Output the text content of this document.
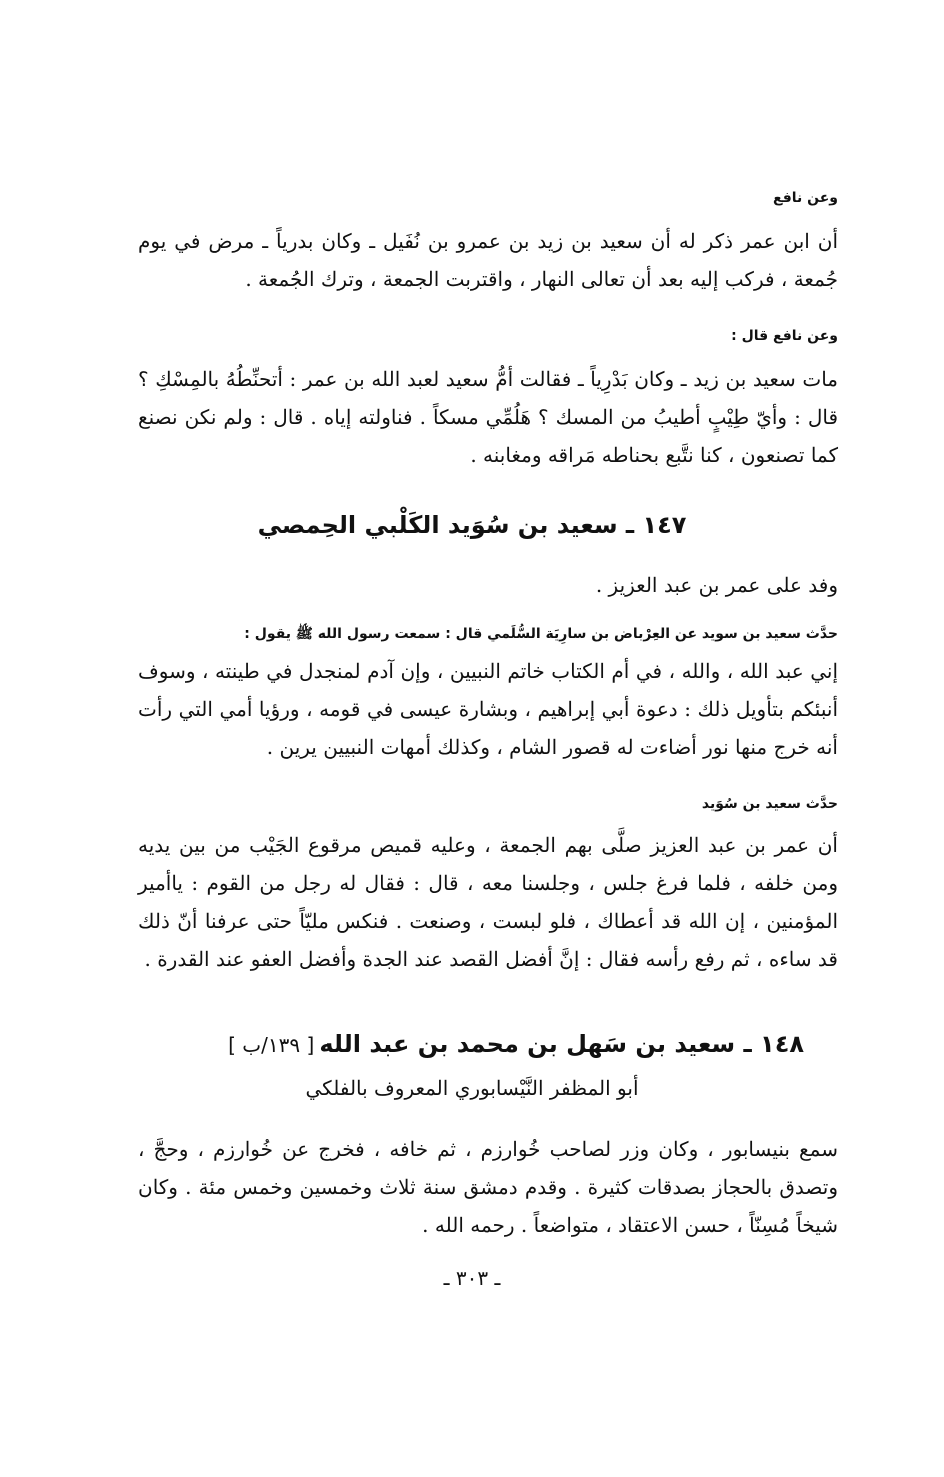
وعن نافع
أن ابن عمر ذكر له أن سعيد بن زيد بن عمرو بن نُفَيل ـ وكان بدرياً ـ مرض في يوم جُمعة ، فركب إليه بعد أن تعالى النهار ، واقتربت الجمعة ، وترك الجُمعة .
وعن نافع قال :
مات سعيد بن زيد ـ وكان بَدْرِياً ـ فقالت أمُّ سعيد لعبد الله بن عمر : أتحنِّطُهُ بالمِسْكِ ؟ قال : وأيّ طِيْبٍ أطيبُ من المسك ؟ هَلُمِّي مسكاً . فناولته إياه . قال : ولم نكن نصنع كما تصنعون ، كنا نتَّبع بحناطه مَراقه ومغابنه .
١٤٧ ـ سعيد بن سُوَيد الكَلْبي الحِمصي
وفد على عمر بن عبد العزيز .
حدَّث سعيد بن سويد عن العِرْباض بن سارِيَة السُّلَمي قال : سمعت رسول الله ﷺ يقول :
إني عبد الله ، والله ، في أم الكتاب خاتم النبيين ، وإن آدم لمنجدل في طينته ، وسوف أنبئكم بتأويل ذلك : دعوة أبي إبراهيم ، وبشارة عيسى في قومه ، ورؤيا أمي التي رأت أنه خرج منها نور أضاءت له قصور الشام ، وكذلك أمهات النبيين يرين .
حدَّث سعيد بن سُوَيد
أن عمر بن عبد العزيز صلَّى بهم الجمعة ، وعليه قميص مرقوع الجَيْب من بين يديه ومن خلفه ، فلما فرغ جلس ، وجلسنا معه ، قال : فقال له رجل من القوم : ياأمير المؤمنين ، إن الله قد أعطاك ، فلو لبست ، وصنعت . فنكس مليّاً حتى عرفنا أنّ ذلك قد ساءه ، ثم رفع رأسه فقال : إنَّ أفضل القصد عند الجدة وأفضل العفو عند القدرة .
١٤٨ ـ سعيد بن سَهل بن محمد بن عبد الله [ ١٣٩/ب ]
أبو المظفر النَّيْسابوري المعروف بالفلكي
سمع بنيسابور ، وكان وزر لصاحب خُوارزم ، ثم خافه ، فخرج عن خُوارزم ، وحجَّ ، وتصدق بالحجاز بصدقات كثيرة . وقدم دمشق سنة ثلاث وخمسين وخمس مئة . وكان شيخاً مُسِنّاً ، حسن الاعتقاد ، متواضعاً . رحمه الله .
ـ ٣٠٣ ـ
